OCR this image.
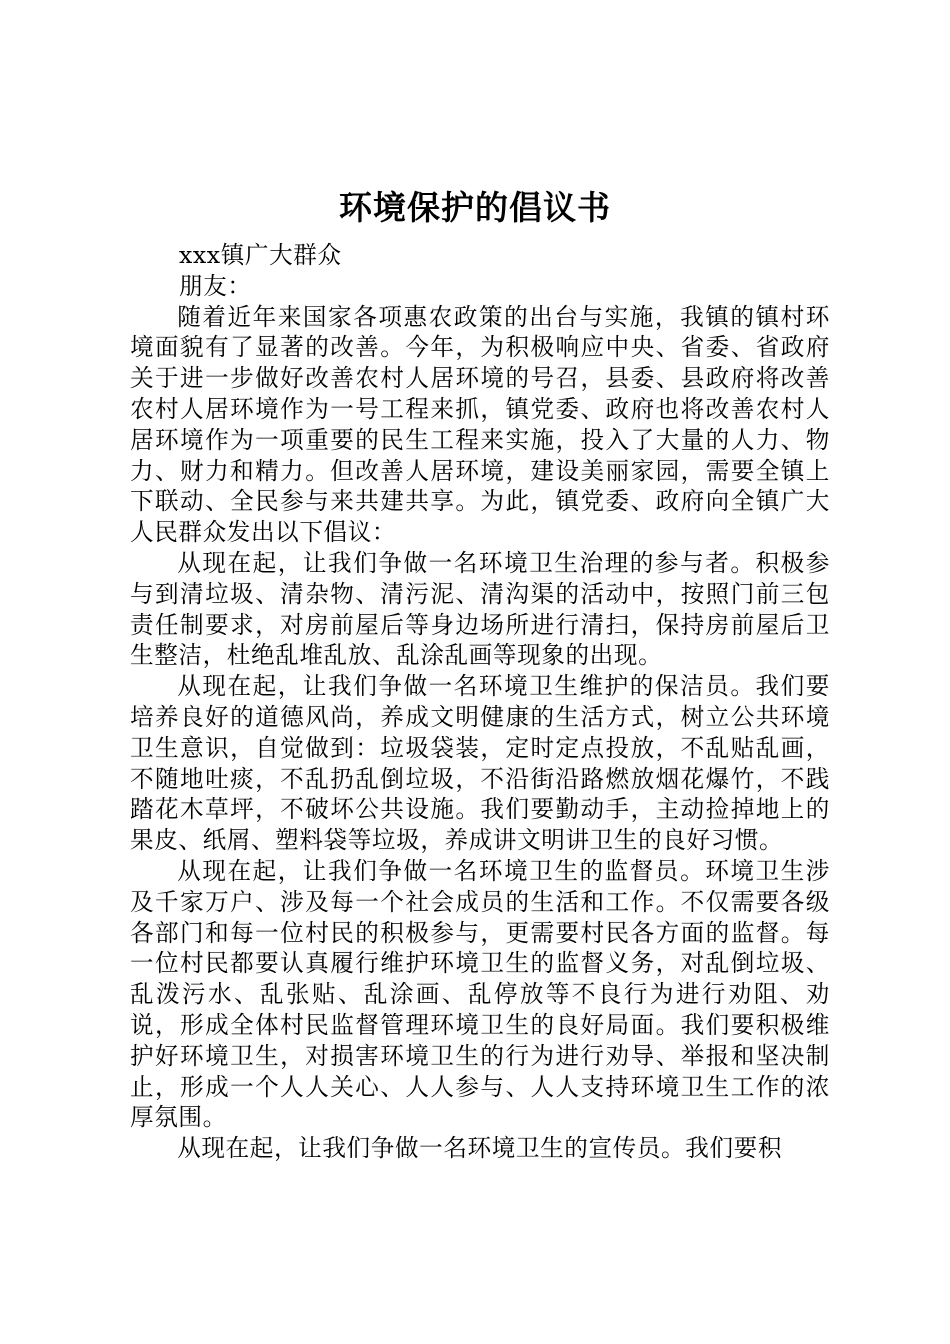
环境保护的倡议书

xxx镇广大群众

朋友：

随着近年来国家各项惠农政策的出台与实施，我镇的镇村环境面貌有了显著的改善。今年，为积极响应中央、省委、省政府关于进一步做好改善农村人居环境的号召，县委、县政府将改善农村人居环境作为一号工程来抓，镇党委、政府也将改善农村人居环境作为一项重要的民生工程来实施，投入了大量的人力、物力、财力和精力。但改善人居环境，建设美丽家园，需要全镇上下联动、全民参与来共建共享。为此，镇党委、政府向全镇广大人民群众发出以下倡议：

从现在起，让我们争做一名环境卫生治理的参与者。积极参与到清垃圾、清杂物、清污泥、清沟渠的活动中，按照门前三包责任制要求，对房前屋后等身边场所进行清扫，保持房前屋后卫生整洁，杜绝乱堆乱放、乱涂乱画等现象的出现。

从现在起，让我们争做一名环境卫生维护的保洁员。我们要培养良好的道德风尚，养成文明健康的生活方式，树立公共环境卫生意识，自觉做到：垃圾袋装，定时定点投放，不乱贴乱画，不随地吐痰，不乱扔乱倒垃圾，不沿街沿路燃放烟花爆竹，不践踏花木草坪，不破坏公共设施。我们要勤动手，主动捡掉地上的果皮、纸屑、塑料袋等垃圾，养成讲文明讲卫生的良好习惯。

从现在起，让我们争做一名环境卫生的监督员。环境卫生涉及千家万户、涉及每一个社会成员的生活和工作。不仅需要各级各部门和每一位村民的积极参与，更需要村民各方面的监督。每一位村民都要认真履行维护环境卫生的监督义务，对乱倒垃圾、乱泼污水、乱张贴、乱涂画、乱停放等不良行为进行劝阻、劝说，形成全体村民监督管理环境卫生的良好局面。我们要积极维护好环境卫生，对损害环境卫生的行为进行劝导、举报和坚决制止，形成一个人人关心、人人参与、人人支持环境卫生工作的浓厚氛围。

从现在起，让我们争做一名环境卫生的宣传员。我们要积
